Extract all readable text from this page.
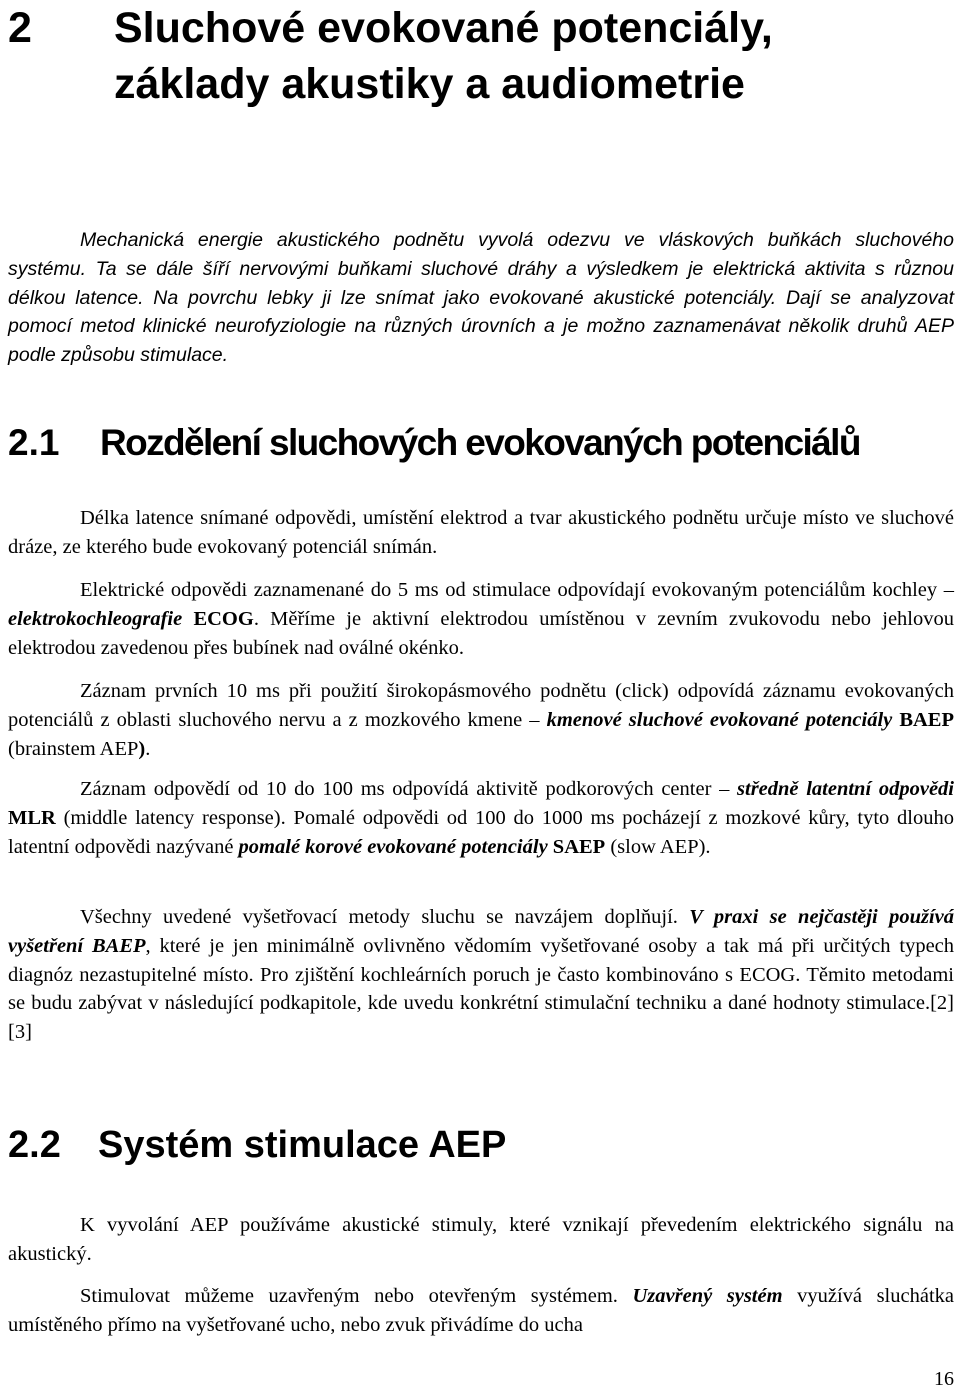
2 Sluchové evokované potenciály,
základy akustiky a audiometrie

Mechanická energie akustického podnětu vyvolá odezvu ve vláskových buňkách sluchového systému. Ta se dále šíří nervovými buňkami sluchové dráhy a výsledkem je elektrická aktivita s různou délkou latence. Na povrchu lebky ji lze snímat jako evokované akustické potenciály. Dají se analyzovat pomocí metod klinické neurofyziologie na různých úrovních a je možno zaznamenávat několik druhů AEP podle způsobu stimulace.

2.1 Rozdělení sluchových evokovaných potenciálů

Délka latence snímané odpovědi, umístění elektrod a tvar akustického podnětu určuje místo ve sluchové dráze, ze kterého bude evokovaný potenciál snímán.

Elektrické odpovědi zaznamenané do 5 ms od stimulace odpovídají evokovaným potenciálům kochley – elektrokochleografie ECOG. Měříme je aktivní elektrodou umístěnou v zevním zvukovodu nebo jehlovou elektrodou zavedenou přes bubínek nad oválné okénko.

Záznam prvních 10 ms při použití širokopásmového podnětu (click) odpovídá záznamu evokovaných potenciálů z oblasti sluchového nervu a z mozkového kmene – kmenové sluchové evokované potenciály BAEP (brainstem AEP).

Záznam odpovědí od 10 do 100 ms odpovídá aktivitě podkorových center – středně latentní odpovědi MLR (middle latency response). Pomalé odpovědi od 100 do 1000 ms pocházejí z mozkové kůry, tyto dlouho latentní odpovědi nazývané pomalé korové evokované potenciály SAEP (slow AEP).

Všechny uvedené vyšetřovací metody sluchu se navzájem doplňují. V praxi se nejčastěji používá vyšetření BAEP, které je jen minimálně ovlivněno vědomím vyšetřované osoby a tak má při určitých typech diagnóz nezastupitelné místo. Pro zjištění kochleárních poruch je často kombinováno s ECOG. Těmito metodami se budu zabývat v následující podkapitole, kde uvedu konkrétní stimulační techniku a dané hodnoty stimulace.[2][3]

2.2 Systém stimulace AEP

K vyvolání AEP používáme akustické stimuly, které vznikají převedením elektrického signálu na akustický.

Stimulovat můžeme uzavřeným nebo otevřeným systémem. Uzavřený systém využívá sluchátka umístěného přímo na vyšetřované ucho, nebo zvuk přivádíme do ucha

16
